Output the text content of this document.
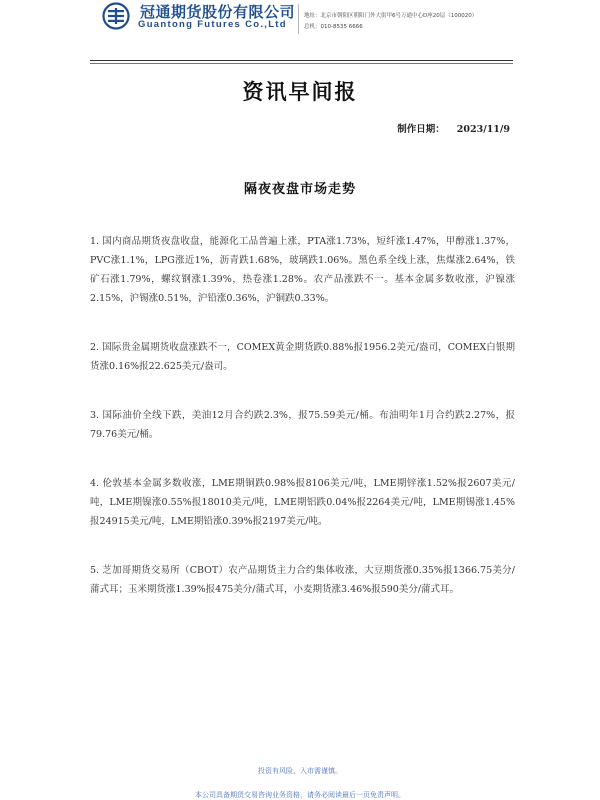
冠通期货股份有限公司
Guantong Futures Co.,Ltd
地址：北京市朝阳区朝阳门外大街甲6号万通中心D座20层（100020）
总机：010-8535 6666
资讯早间报
制作日期： 2023/11/9
隔夜夜盘市场走势

1. 国内商品期货夜盘收盘，能源化工品普遍上涨，PTA涨1.73%，短纤涨1.47%，甲醇涨1.37%，PVC涨1.1%，LPG涨近1%，沥青跌1.68%，玻璃跌1.06%。黑色系全线上涨，焦煤涨2.64%，铁矿石涨1.79%，螺纹钢涨1.39%，热卷涨1.28%。农产品涨跌不一。基本金属多数收涨，沪镍涨2.15%，沪锡涨0.51%，沪铅涨0.36%，沪铜跌0.33%。

2. 国际贵金属期货收盘涨跌不一，COMEX黄金期货跌0.88%报1956.2美元/盎司，COMEX白银期货涨0.16%报22.625美元/盎司。

3. 国际油价全线下跌，美油12月合约跌2.3%，报75.59美元/桶。布油明年1月合约跌2.27%，报79.76美元/桶。

4. 伦敦基本金属多数收涨，LME期铜跌0.98%报8106美元/吨，LME期锌涨1.52%报2607美元/吨，LME期镍涨0.55%报18010美元/吨，LME期铝跌0.04%报2264美元/吨，LME期锡涨1.45%报24915美元/吨，LME期铅涨0.39%报2197美元/吨。

5. 芝加哥期货交易所（CBOT）农产品期货主力合约集体收涨，大豆期货涨0.35%报1366.75美分/蒲式耳；玉米期货涨1.39%报475美分/蒲式耳，小麦期货涨3.46%报590美分/蒲式耳。

投资有风险，入市需谨慎。
本公司具备期货交易咨询业务资格，请务必阅读最后一页免责声明。
